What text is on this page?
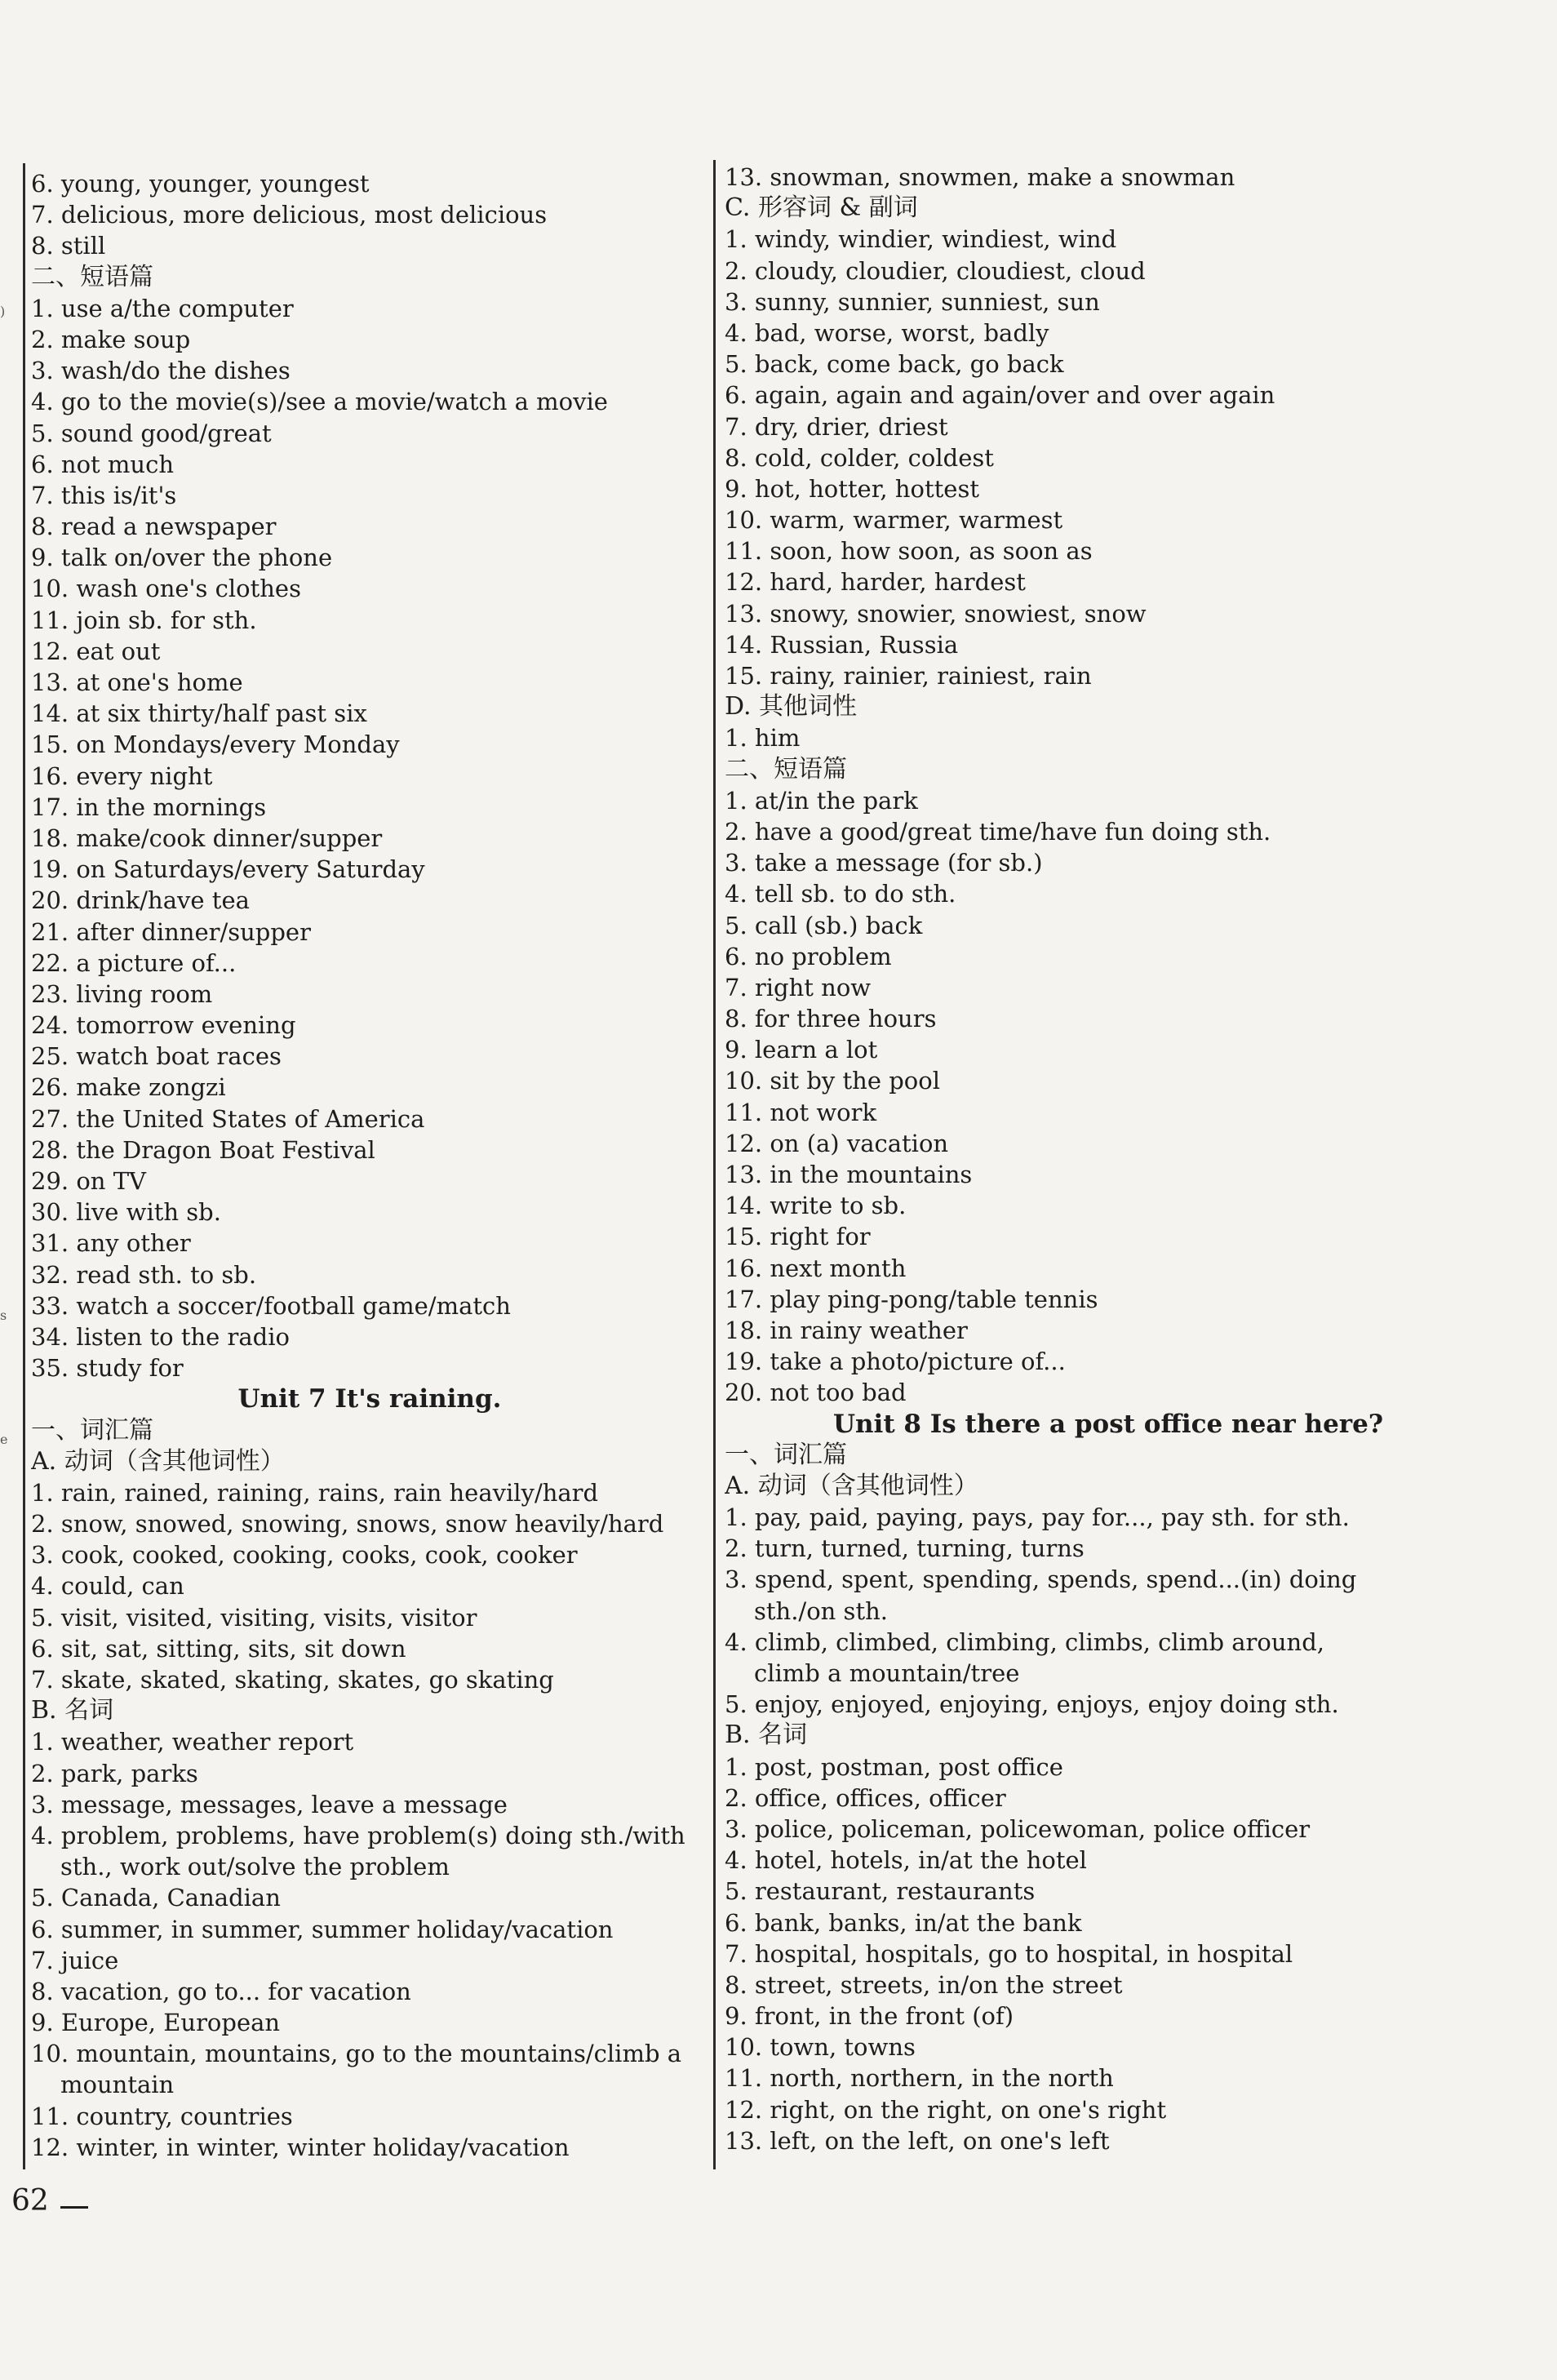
)
s
e
6. young, younger, youngest
7. delicious, more delicious, most delicious
8. still
二、短语篇
1. use a/the computer
2. make soup
3. wash/do the dishes
4. go to the movie(s)/see a movie/watch a movie
5. sound good/great
6. not much
7. this is/it's
8. read a newspaper
9. talk on/over the phone
10. wash one's clothes
11. join sb. for sth.
12. eat out
13. at one's home
14. at six thirty/half past six
15. on Mondays/every Monday
16. every night
17. in the mornings
18. make/cook dinner/supper
19. on Saturdays/every Saturday
20. drink/have tea
21. after dinner/supper
22. a picture of...
23. living room
24. tomorrow evening
25. watch boat races
26. make zongzi
27. the United States of America
28. the Dragon Boat Festival
29. on TV
30. live with sb.
31. any other
32. read sth. to sb.
33. watch a soccer/football game/match
34. listen to the radio
35. study for
Unit 7 It's raining.
一、词汇篇
A. 动词（含其他词性）
1. rain, rained, raining, rains, rain heavily/hard
2. snow, snowed, snowing, snows, snow heavily/hard
3. cook, cooked, cooking, cooks, cook, cooker
4. could, can
5. visit, visited, visiting, visits, visitor
6. sit, sat, sitting, sits, sit down
7. skate, skated, skating, skates, go skating
B. 名词
1. weather, weather report
2. park, parks
3. message, messages, leave a message
4. problem, problems, have problem(s) doing sth./with
sth., work out/solve the problem
5. Canada, Canadian
6. summer, in summer, summer holiday/vacation
7. juice
8. vacation, go to... for vacation
9. Europe, European
10. mountain, mountains, go to the mountains/climb a
mountain
11. country, countries
12. winter, in winter, winter holiday/vacation
13. snowman, snowmen, make a snowman
C. 形容词 & 副词
1. windy, windier, windiest, wind
2. cloudy, cloudier, cloudiest, cloud
3. sunny, sunnier, sunniest, sun
4. bad, worse, worst, badly
5. back, come back, go back
6. again, again and again/over and over again
7. dry, drier, driest
8. cold, colder, coldest
9. hot, hotter, hottest
10. warm, warmer, warmest
11. soon, how soon, as soon as
12. hard, harder, hardest
13. snowy, snowier, snowiest, snow
14. Russian, Russia
15. rainy, rainier, rainiest, rain
D. 其他词性
1. him
二、短语篇
1. at/in the park
2. have a good/great time/have fun doing sth.
3. take a message (for sb.)
4. tell sb. to do sth.
5. call (sb.) back
6. no problem
7. right now
8. for three hours
9. learn a lot
10. sit by the pool
11. not work
12. on (a) vacation
13. in the mountains
14. write to sb.
15. right for
16. next month
17. play ping-pong/table tennis
18. in rainy weather
19. take a photo/picture of...
20. not too bad
Unit 8 Is there a post office near here?
一、词汇篇
A. 动词（含其他词性）
1. pay, paid, paying, pays, pay for..., pay sth. for sth.
2. turn, turned, turning, turns
3. spend, spent, spending, spends, spend...(in) doing
sth./on sth.
4. climb, climbed, climbing, climbs, climb around,
climb a mountain/tree
5. enjoy, enjoyed, enjoying, enjoys, enjoy doing sth.
B. 名词
1. post, postman, post office
2. office, offices, officer
3. police, policeman, policewoman, police officer
4. hotel, hotels, in/at the hotel
5. restaurant, restaurants
6. bank, banks, in/at the bank
7. hospital, hospitals, go to hospital, in hospital
8. street, streets, in/on the street
9. front, in the front (of)
10. town, towns
11. north, northern, in the north
12. right, on the right, on one's right
13. left, on the left, on one's left
62
